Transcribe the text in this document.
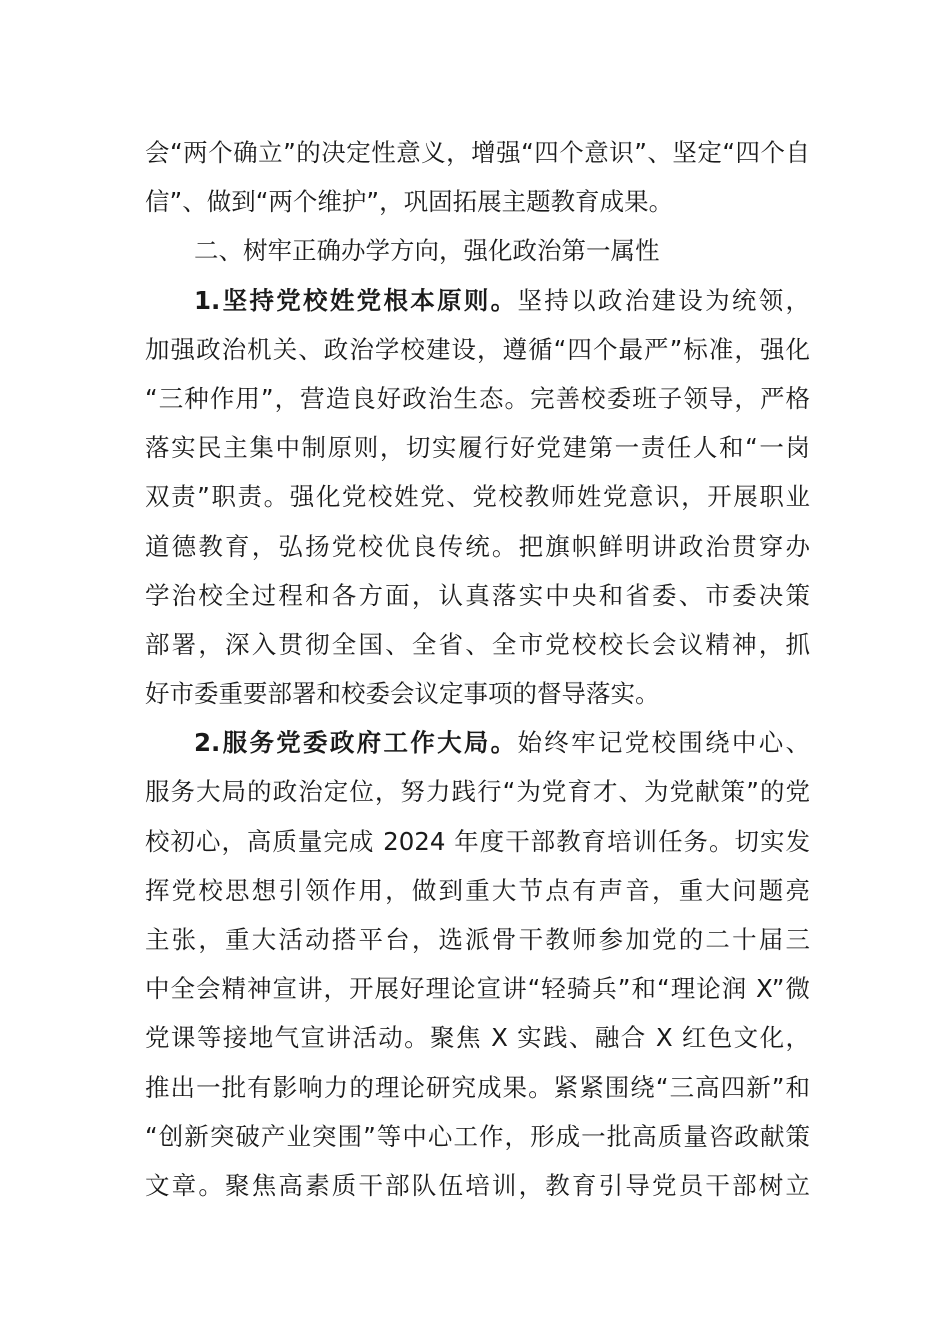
会“两个确立”的决定性意义，增强“四个意识”、坚定“四个自
信”、做到“两个维护”，巩固拓展主题教育成果。

二、树牢正确办学方向，强化政治第一属性

1.坚持党校姓党根本原则。坚持以政治建设为统领，
加强政治机关、政治学校建设，遵循“四个最严”标准，强化
“三种作用”，营造良好政治生态。完善校委班子领导，严格
落实民主集中制原则，切实履行好党建第一责任人和“一岗
双责”职责。强化党校姓党、党校教师姓党意识，开展职业
道德教育，弘扬党校优良传统。把旗帜鲜明讲政治贯穿办
学治校全过程和各方面，认真落实中央和省委、市委决策
部署，深入贯彻全国、全省、全市党校校长会议精神，抓
好市委重要部署和校委会议定事项的督导落实。

2.服务党委政府工作大局。始终牢记党校围绕中心、
服务大局的政治定位，努力践行“为党育才、为党献策”的党
校初心，高质量完成 2024 年度干部教育培训任务。切实发
挥党校思想引领作用，做到重大节点有声音，重大问题亮
主张，重大活动搭平台，选派骨干教师参加党的二十届三
中全会精神宣讲，开展好理论宣讲“轻骑兵”和“理论润 X”微
党课等接地气宣讲活动。聚焦 X 实践、融合 X 红色文化，
推出一批有影响力的理论研究成果。紧紧围绕“三高四新”和
“创新突破产业突围”等中心工作，形成一批高质量咨政献策
文章。聚焦高素质干部队伍培训，教育引导党员干部树立
